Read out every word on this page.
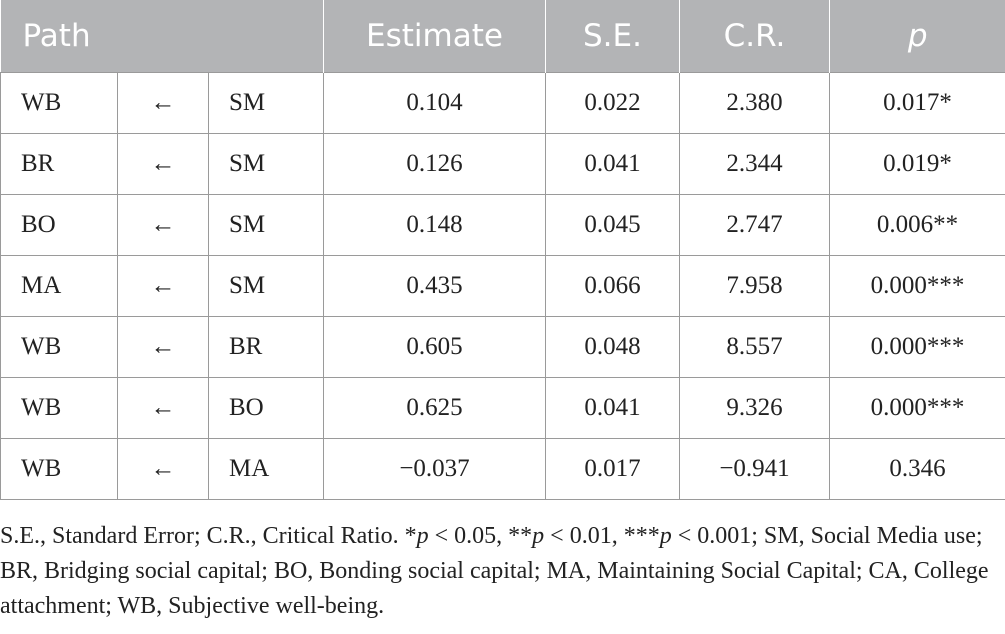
Path			Estimate	S.E.	C.R.	p
WB	←	SM	0.104	0.022	2.380	0.017*
BR	←	SM	0.126	0.041	2.344	0.019*
BO	←	SM	0.148	0.045	2.747	0.006**
MA	←	SM	0.435	0.066	7.958	0.000***
WB	←	BR	0.605	0.048	8.557	0.000***
WB	←	BO	0.625	0.041	9.326	0.000***
WB	←	MA	−0.037	0.017	−0.941	0.346
S.E., Standard Error; C.R., Critical Ratio. *p < 0.05, **p < 0.01, ***p < 0.001; SM, Social Media use; BR, Bridging social capital; BO, Bonding social capital; MA, Maintaining Social Capital; CA, College attachment; WB, Subjective well-being.
